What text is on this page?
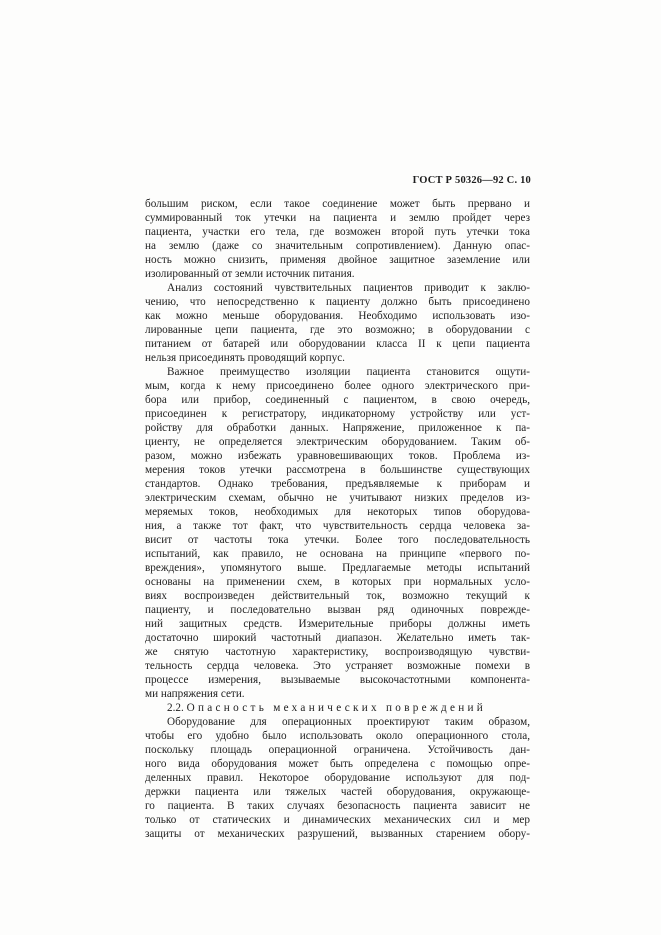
ГОСТ Р 50326—92 С. 10
большим риском, если такое соединение может быть прервано и
суммированный ток утечки на пациента и землю пройдет через
пациента, участки его тела, где возможен второй путь утечки тока
на землю (даже со значительным сопротивлением). Данную опас-
ность можно снизить, применяя двойное защитное заземление или
изолированный от земли источник питания.
Анализ состояний чувствительных пациентов приводит к заклю-
чению, что непосредственно к пациенту должно быть присоединено
как можно меньше оборудования. Необходимо использовать изо-
лированные цепи пациента, где это возможно; в оборудовании с
питанием от батарей или оборудовании класса II к цепи пациента
нельзя присоединять проводящий корпус.
Важное преимущество изоляции пациента становится ощути-
мым, когда к нему присоединено более одного электрического при-
бора или прибор, соединенный с пациентом, в свою очередь,
присоединен к регистратору, индикаторному устройству или уст-
ройству для обработки данных. Напряжение, приложенное к па-
циенту, не определяется электрическим оборудованием. Таким об-
разом, можно избежать уравновешивающих токов. Проблема из-
мерения токов утечки рассмотрена в большинстве существующих
стандартов. Однако требования, предъявляемые к приборам и
электрическим схемам, обычно не учитывают низких пределов из-
меряемых токов, необходимых для некоторых типов оборудова-
ния, а также тот факт, что чувствительность сердца человека за-
висит от частоты тока утечки. Более того последовательность
испытаний, как правило, не основана на принципе «первого по-
вреждения», упомянутого выше. Предлагаемые методы испытаний
основаны на применении схем, в которых при нормальных усло-
виях воспроизведен действительный ток, возможно текущий к
пациенту, и последовательно вызван ряд одиночных поврежде-
ний защитных средств. Измерительные приборы должны иметь
достаточно широкий частотный диапазон. Желательно иметь так-
же снятую частотную характеристику, воспроизводящую чувстви-
тельность сердца человека. Это устраняет возможные помехи в
процессе измерения, вызываемые высокочастотными компонента-
ми напряжения сети.
2.2. Опасность механических повреждений
Оборудование для операционных проектируют таким образом,
чтобы его удобно было использовать около операционного стола,
поскольку площадь операционной ограничена. Устойчивость дан-
ного вида оборудования может быть определена с помощью опре-
деленных правил. Некоторое оборудование используют для под-
держки пациента или тяжелых частей оборудования, окружающе-
го пациента. В таких случаях безопасность пациента зависит не
только от статических и динамических механических сил и мер
защиты от механических разрушений, вызванных старением обору-
